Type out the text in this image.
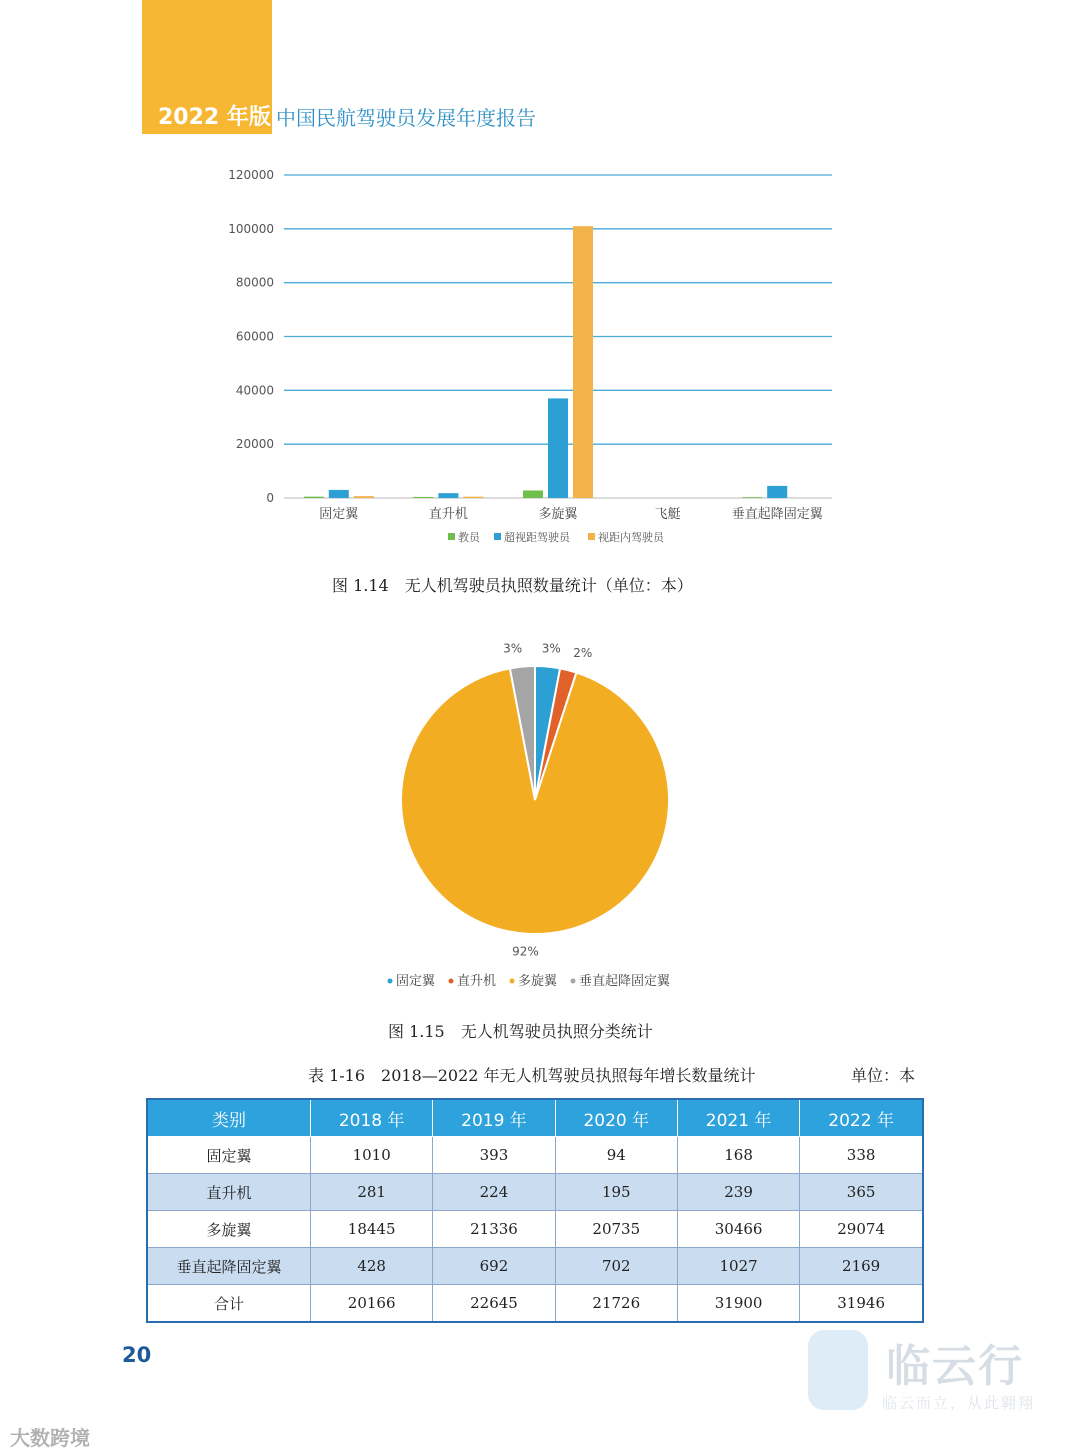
2022 年版 中国民航驾驶员发展年度报告
0
20000
40000
60000
80000
100000
120000
固定翼	直升机	多旋翼	飞艇	垂直起降固定翼
教员 超视距驾驶员	视距内驾驶员
图 1.14　无人机驾驶员执照数量统计（单位：本）
3% 2%
92%
3%
固定翼 直升机 多旋翼 垂直起降固定翼
图 1.15　无人机驾驶员执照分类统计
表 1-16　2018—2022 年无人机驾驶员执照每年增长数量统计	单位：本
类别	2018 年	2019 年	2020 年	2021 年	2022 年
固定翼	1010	393	94	168	338
直升机	281	224	195	239	365
多旋翼	18445	21336	20735	30466	29074
垂直起降固定翼	428	692	702	1027	2169
合计	20166	22645	21726	31900	31946
20
大数跨境
临云行
临云而立，从此翱翔
